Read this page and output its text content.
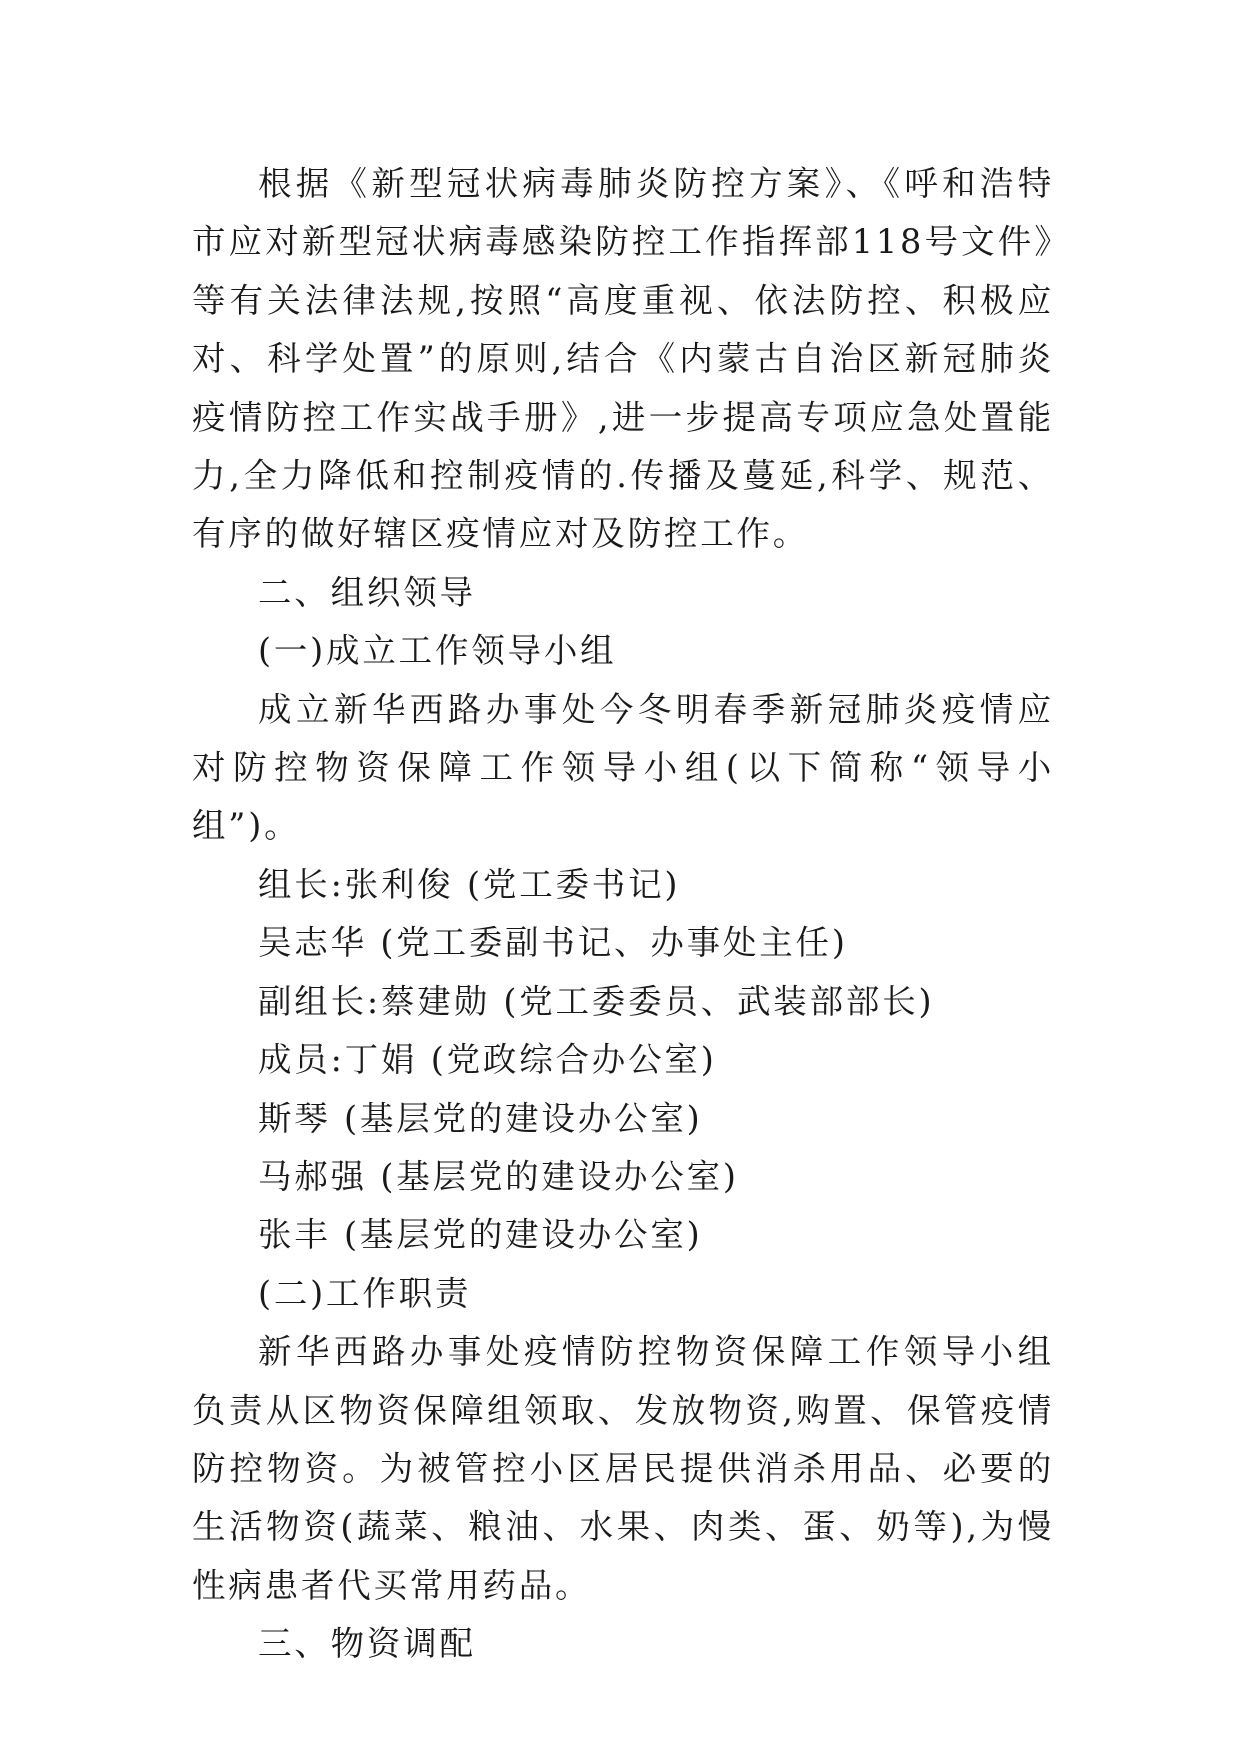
根据《新型冠状病毒肺炎防控方案》、《呼和浩特市应对新型冠状病毒感染防控工作指挥部118号文件》等有关法律法规,按照“高度重视、依法防控、积极应对、科学处置”的原则,结合《内蒙古自治区新冠肺炎疫情防控工作实战手册》,进一步提高专项应急处置能力,全力降低和控制疫情的.传播及蔓延,科学、规范、有序的做好辖区疫情应对及防控工作。

二、组织领导

(一)成立工作领导小组

成立新华西路办事处今冬明春季新冠肺炎疫情应对防控物资保障工作领导小组(以下简称“领导小组”)。

组长:张利俊 (党工委书记)

吴志华 (党工委副书记、办事处主任)

副组长:蔡建勋 (党工委委员、武装部部长)

成员:丁娟 (党政综合办公室)

斯琴 (基层党的建设办公室)

马郝强 (基层党的建设办公室)

张丰 (基层党的建设办公室)

(二)工作职责

新华西路办事处疫情防控物资保障工作领导小组负责从区物资保障组领取、发放物资,购置、保管疫情防控物资。为被管控小区居民提供消杀用品、必要的生活物资(蔬菜、粮油、水果、肉类、蛋、奶等),为慢性病患者代买常用药品。

三、物资调配
